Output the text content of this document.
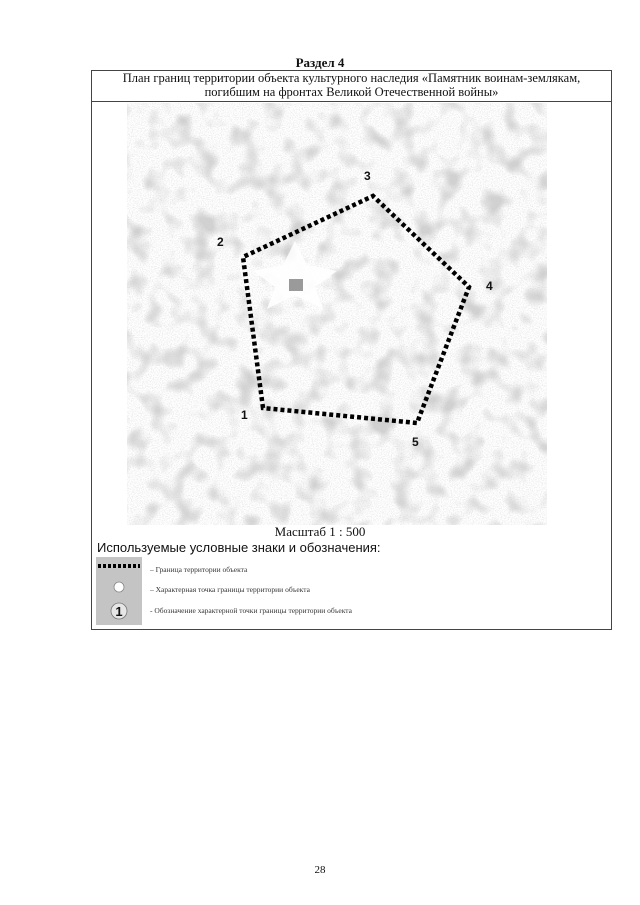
Раздел 4
План границ территории объекта культурного наследия «Памятник воинам-землякам,
погибшим на фронтах Великой Отечественной войны»
1
2
3
4
5
Масштаб 1 : 500
Используемые условные знаки и обозначения:
1
– Граница территории объекта
– Характерная точка границы территории объекта
- Обозначение характерной точки границы территории объекта
28
